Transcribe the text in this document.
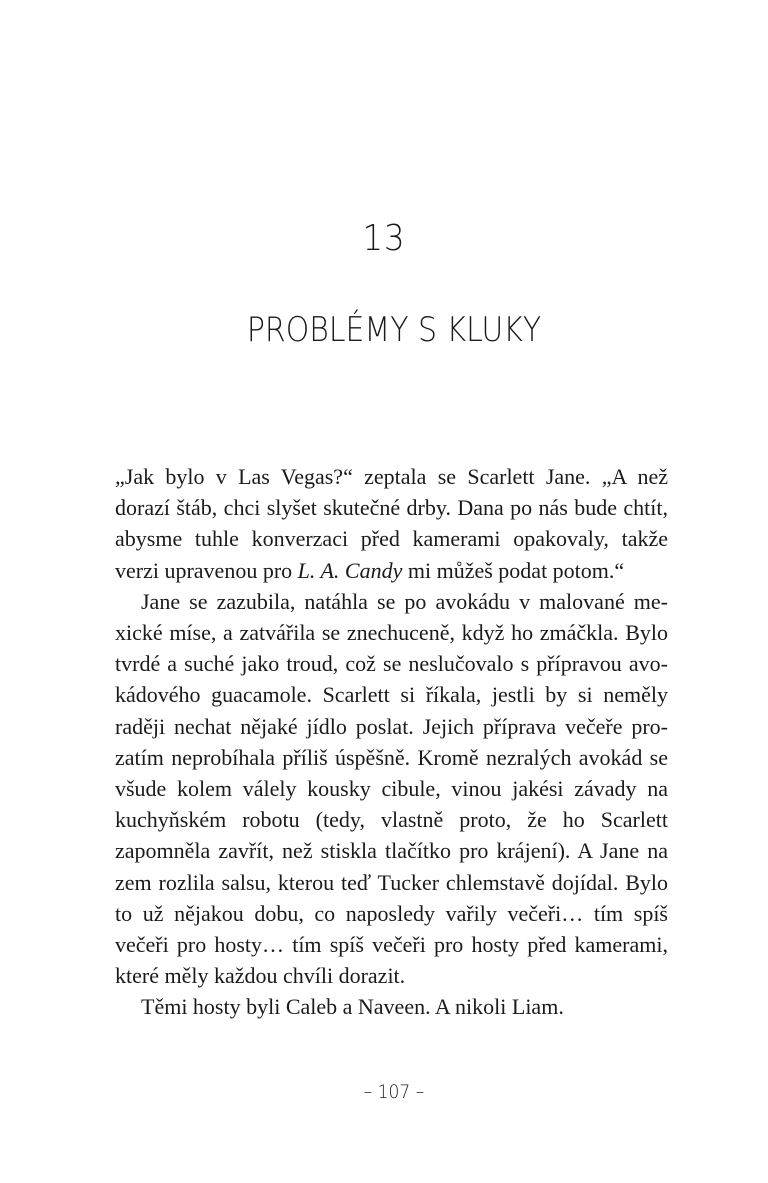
13
PROBLÉMY S KLUKY

„Jak bylo v Las Vegas?“ zeptala se Scarlett Jane. „A než dorazí štáb, chci slyšet skutečné drby. Dana po nás bude chtít, abysme tuhle konverzaci před kamerami opakovaly, takže verzi upravenou pro L. A. Candy mi můžeš podat potom.“

Jane se zazubila, natáhla se po avokádu v malované mexické míse, a zatvářila se znechuceně, když ho zmáčkla. Bylo tvrdé a suché jako troud, což se neslučovalo s přípravou avokádového guacamole. Scarlett si říkala, jestli by si neměly raději nechat nějaké jídlo poslat. Jejich příprava večeře prozatím neprobíhala příliš úspěšně. Kromě nezralých avokád se všude kolem válely kousky cibule, vinou jakési závady na kuchyňském robotu (tedy, vlastně proto, že ho Scarlett zapomněla zavřít, než stiskla tlačítko pro krájení). A Jane na zem rozlila salsu, kterou teď Tucker chlemstavě dojídal. Bylo to už nějakou dobu, co naposledy vařily večeři… tím spíš večeři pro hosty… tím spíš večeři pro hosty před kamerami, které měly každou chvíli dorazit.

Těmi hosty byli Caleb a Naveen. A nikoli Liam.

– 107 –
